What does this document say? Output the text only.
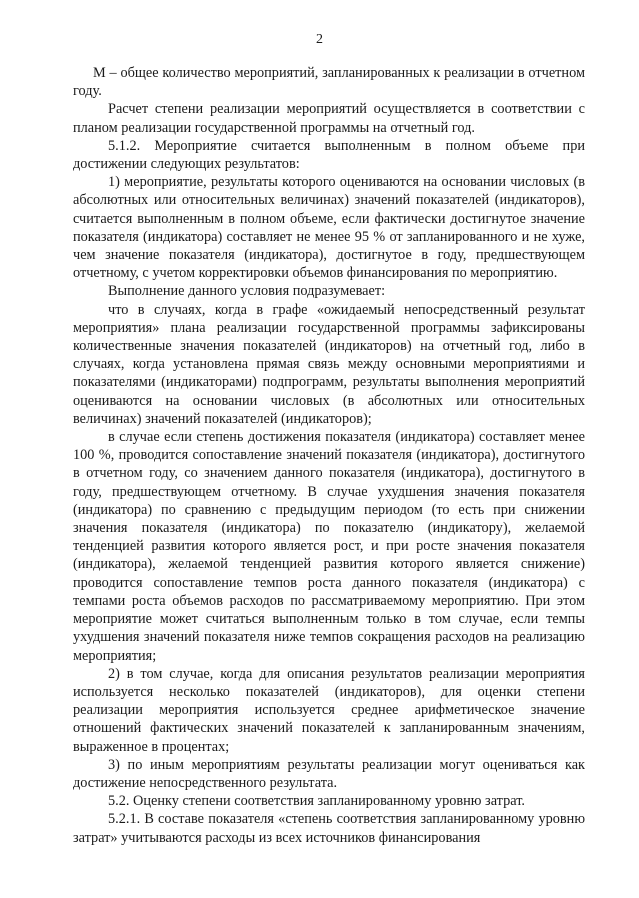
2

М – общее количество мероприятий, запланированных к реализации в отчетном году.

Расчет степени реализации мероприятий осуществляется в соответствии с планом реализации государственной программы на отчетный год.

5.1.2. Мероприятие считается выполненным в полном объеме при достижении следующих результатов:

1) мероприятие, результаты которого оцениваются на основании числовых (в абсолютных или относительных величинах) значений показателей (индикаторов), считается выполненным в полном объеме, если фактически достигнутое значение показателя (индикатора) составляет не менее 95 % от запланированного и не хуже, чем значение показателя (индикатора), достигнутое в году, предшествующем отчетному, с учетом корректировки объемов финансирования по мероприятию.

Выполнение данного условия подразумевает:

что в случаях, когда в графе «ожидаемый непосредственный результат мероприятия» плана реализации государственной программы зафиксированы количественные значения показателей (индикаторов) на отчетный год, либо в случаях, когда установлена прямая связь между основными мероприятиями и показателями (индикаторами) подпрограмм, результаты выполнения мероприятий оцениваются на основании числовых (в абсолютных или относительных величинах) значений показателей (индикаторов);

в случае если степень достижения показателя (индикатора) составляет менее 100 %, проводится сопоставление значений показателя (индикатора), достигнутого в отчетном году, со значением данного показателя (индикатора), достигнутого в году, предшествующем отчетному. В случае ухудшения значения показателя (индикатора) по сравнению с предыдущим периодом (то есть при снижении значения показателя (индикатора) по показателю (индикатору), желаемой тенденцией развития которого является рост, и при росте значения показателя (индикатора), желаемой тенденцией развития которого является снижение) проводится сопоставление темпов роста данного показателя (индикатора) с темпами роста объемов расходов по рассматриваемому мероприятию. При этом мероприятие может считаться выполненным только в том случае, если темпы ухудшения значений показателя ниже темпов сокращения расходов на реализацию мероприятия;

2) в том случае, когда для описания результатов реализации мероприятия используется несколько показателей (индикаторов), для оценки степени реализации мероприятия используется среднее арифметическое значение отношений фактических значений показателей к запланированным значениям, выраженное в процентах;

3) по иным мероприятиям результаты реализации могут оцениваться как достижение непосредственного результата.

5.2. Оценку степени соответствия запланированному уровню затрат.

5.2.1. В составе показателя «степень соответствия запланированному уровню затрат» учитываются расходы из всех источников финансирования
